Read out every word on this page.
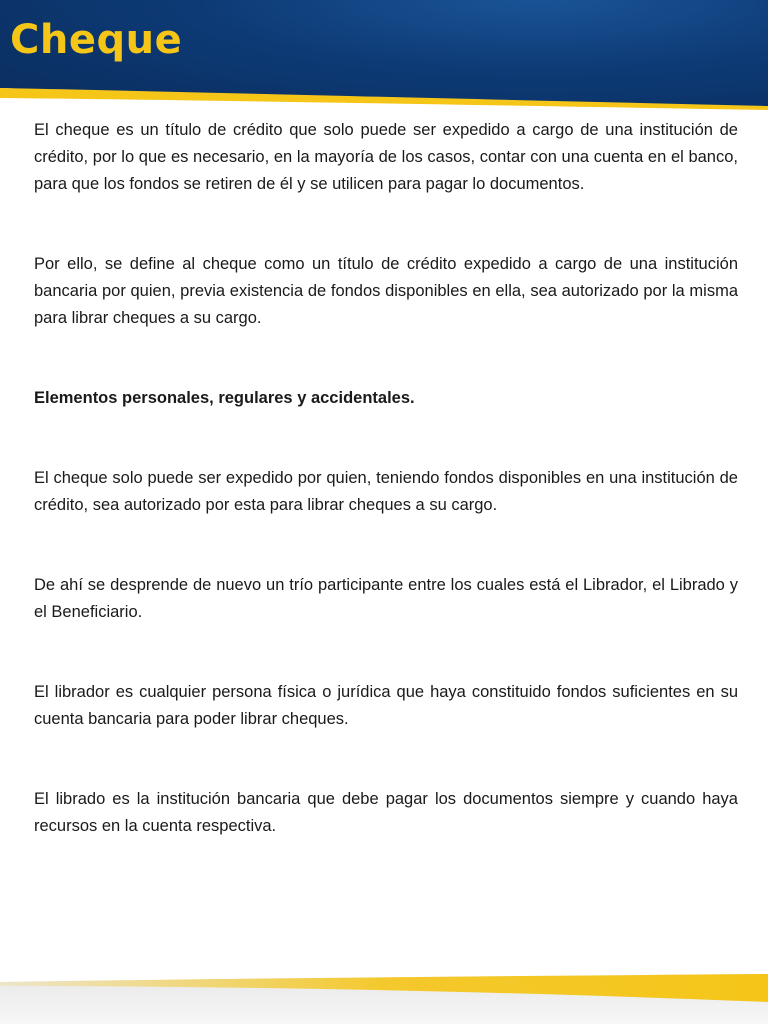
Cheque

El cheque es un título de crédito que solo puede ser expedido a cargo de una institución de crédito, por lo que es necesario, en la mayoría de los casos, contar con una cuenta en el banco, para que los fondos se retiren de él y se utilicen para pagar lo documentos.

Por ello, se define al cheque como un título de crédito expedido a cargo de una institución bancaria por quien, previa existencia de fondos disponibles en ella, sea autorizado por la misma para librar cheques a su cargo.

Elementos personales, regulares y accidentales.

El cheque solo puede ser expedido por quien, teniendo fondos disponibles en una institución de crédito, sea autorizado por esta para librar cheques a su cargo.

De ahí se desprende de nuevo un trío participante entre los cuales está el Librador, el Librado y el Beneficiario.

El librador es cualquier persona física o jurídica que haya constituido fondos suficientes en su cuenta bancaria para poder librar cheques.

El librado es la institución bancaria que debe pagar los documentos siempre y cuando haya recursos en la cuenta respectiva.
